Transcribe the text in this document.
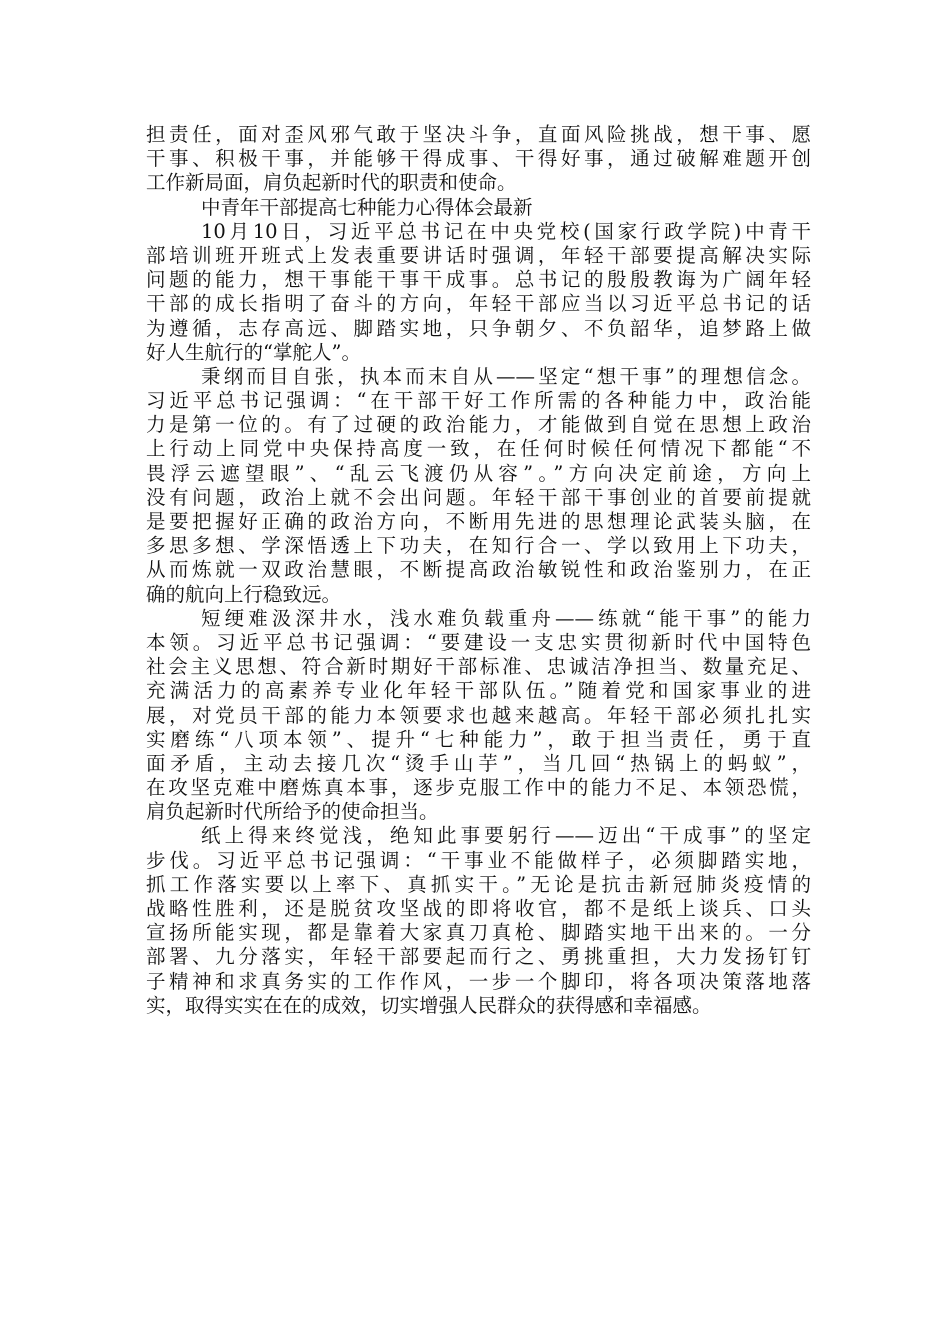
担责任，面对歪风邪气敢于坚决斗争，直面风险挑战，想干事、愿
干事、积极干事，并能够干得成事、干得好事，通过破解难题开创
工作新局面，肩负起新时代的职责和使命。
中青年干部提高七种能力心得体会最新
10月10日，习近平总书记在中央党校(国家行政学院)中青干
部培训班开班式上发表重要讲话时强调，年轻干部要提高解决实际
问题的能力，想干事能干事干成事。总书记的殷殷教诲为广阔年轻
干部的成长指明了奋斗的方向，年轻干部应当以习近平总书记的话
为遵循，志存高远、脚踏实地，只争朝夕、不负韶华，追梦路上做
好人生航行的“掌舵人”。
秉纲而目自张，执本而末自从——坚定“想干事”的理想信念。
习近平总书记强调：“在干部干好工作所需的各种能力中，政治能
力是第一位的。有了过硬的政治能力，才能做到自觉在思想上政治
上行动上同党中央保持高度一致，在任何时候任何情况下都能“不
畏浮云遮望眼”、“乱云飞渡仍从容”。”方向决定前途，方向上
没有问题，政治上就不会出问题。年轻干部干事创业的首要前提就
是要把握好正确的政治方向，不断用先进的思想理论武装头脑，在
多思多想、学深悟透上下功夫，在知行合一、学以致用上下功夫，
从而炼就一双政治慧眼，不断提高政治敏锐性和政治鉴别力，在正
确的航向上行稳致远。
短绠难汲深井水，浅水难负载重舟——练就“能干事”的能力
本领。习近平总书记强调：“要建设一支忠实贯彻新时代中国特色
社会主义思想、符合新时期好干部标准、忠诚洁净担当、数量充足、
充满活力的高素养专业化年轻干部队伍。”随着党和国家事业的进
展，对党员干部的能力本领要求也越来越高。年轻干部必须扎扎实
实磨练“八项本领”、提升“七种能力”，敢于担当责任，勇于直
面矛盾，主动去接几次“烫手山芋”，当几回“热锅上的蚂蚁”，
在攻坚克难中磨炼真本事，逐步克服工作中的能力不足、本领恐慌，
肩负起新时代所给予的使命担当。
纸上得来终觉浅，绝知此事要躬行——迈出“干成事”的坚定
步伐。习近平总书记强调：“干事业不能做样子，必须脚踏实地，
抓工作落实要以上率下、真抓实干。”无论是抗击新冠肺炎疫情的
战略性胜利，还是脱贫攻坚战的即将收官，都不是纸上谈兵、口头
宣扬所能实现，都是靠着大家真刀真枪、脚踏实地干出来的。一分
部署、九分落实，年轻干部要起而行之、勇挑重担，大力发扬钉钉
子精神和求真务实的工作作风，一步一个脚印，将各项决策落地落
实，取得实实在在的成效，切实增强人民群众的获得感和幸福感。
